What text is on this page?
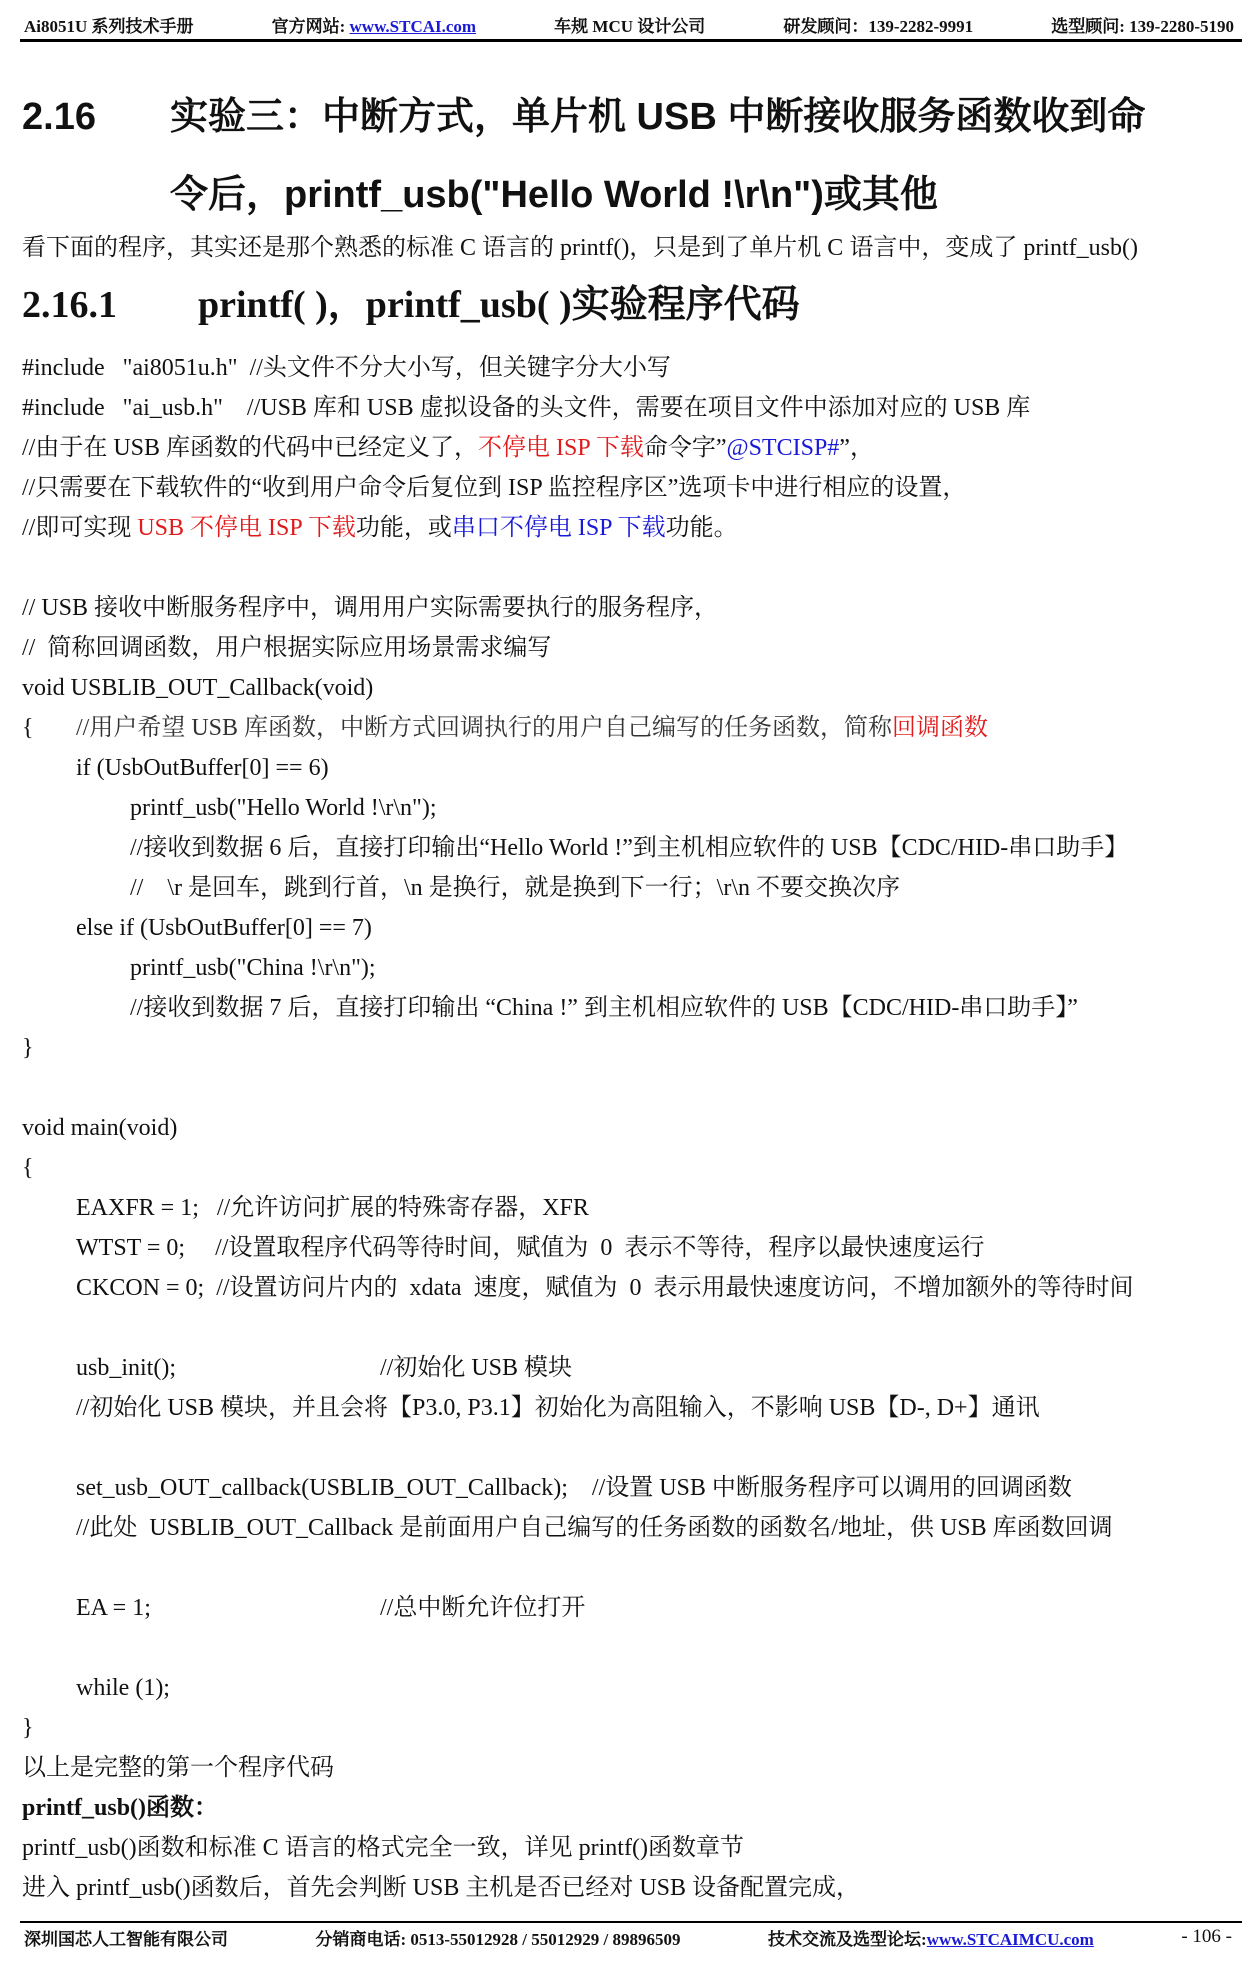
Ai8051U 系列技术手册	官方网站: www.STCAI.com	车规 MCU 设计公司	研发顾问：139-2282-9991	选型顾问: 139-2280-5190
2.16 实验三：中断方式，单片机 USB 中断接收服务函数收到命
令后，printf_usb("Hello World !\r\n")或其他
看下面的程序，其实还是那个熟悉的标准 C 语言的 printf()，只是到了单片机 C 语言中，变成了 printf_usb()
2.16.1 printf( )，printf_usb( )实验程序代码
#include   "ai8051u.h"  //头文件不分大小写，但关键字分大小写
#include   "ai_usb.h"    //USB 库和 USB 虚拟设备的头文件，需要在项目文件中添加对应的 USB 库
//由于在 USB 库函数的代码中已经定义了，不停电 ISP 下载命令字”@STCISP#”，
//只需要在下载软件的“收到用户命令后复位到 ISP 监控程序区”选项卡中进行相应的设置，
//即可实现 USB 不停电 ISP 下载功能，或串口不停电 ISP 下载功能。
// USB 接收中断服务程序中，调用用户实际需要执行的服务程序，
//  简称回调函数，用户根据实际应用场景需求编写
void USBLIB_OUT_Callback(void)
{ //用户希望 USB 库函数，中断方式回调执行的用户自己编写的任务函数，简称回调函数
if (UsbOutBuffer[0] == 6)
printf_usb("Hello World !\r\n");
//接收到数据 6 后，直接打印输出“Hello World !”到主机相应软件的 USB【CDC/HID-串口助手】
//    \r 是回车，跳到行首，\n 是换行，就是换到下一行；\r\n 不要交换次序
else if (UsbOutBuffer[0] == 7)
printf_usb("China !\r\n");
//接收到数据 7 后，直接打印输出 “China !” 到主机相应软件的 USB【CDC/HID-串口助手】”
}
void main(void)
{
EAXFR = 1;   //允许访问扩展的特殊寄存器，XFR
WTST = 0;     //设置取程序代码等待时间，赋值为  0  表示不等待，程序以最快速度运行
CKCON = 0;  //设置访问片内的  xdata  速度，赋值为  0  表示用最快速度访问，不增加额外的等待时间
usb_init();	//初始化 USB 模块
//初始化 USB 模块，并且会将【P3.0, P3.1】初始化为高阻输入，不影响 USB【D-, D+】通讯
set_usb_OUT_callback(USBLIB_OUT_Callback);    //设置 USB 中断服务程序可以调用的回调函数
//此处  USBLIB_OUT_Callback 是前面用户自己编写的任务函数的函数名/地址，供 USB 库函数回调
EA = 1;	//总中断允许位打开
while (1);
}
以上是完整的第一个程序代码
printf_usb()函数：
printf_usb()函数和标准 C 语言的格式完全一致，详见 printf()函数章节
进入 printf_usb()函数后，首先会判断 USB 主机是否已经对 USB 设备配置完成，
深圳国芯人工智能有限公司	分销商电话: 0513-55012928 / 55012929 / 89896509	技术交流及选型论坛:www.STCAIMCU.com	- 106 -
